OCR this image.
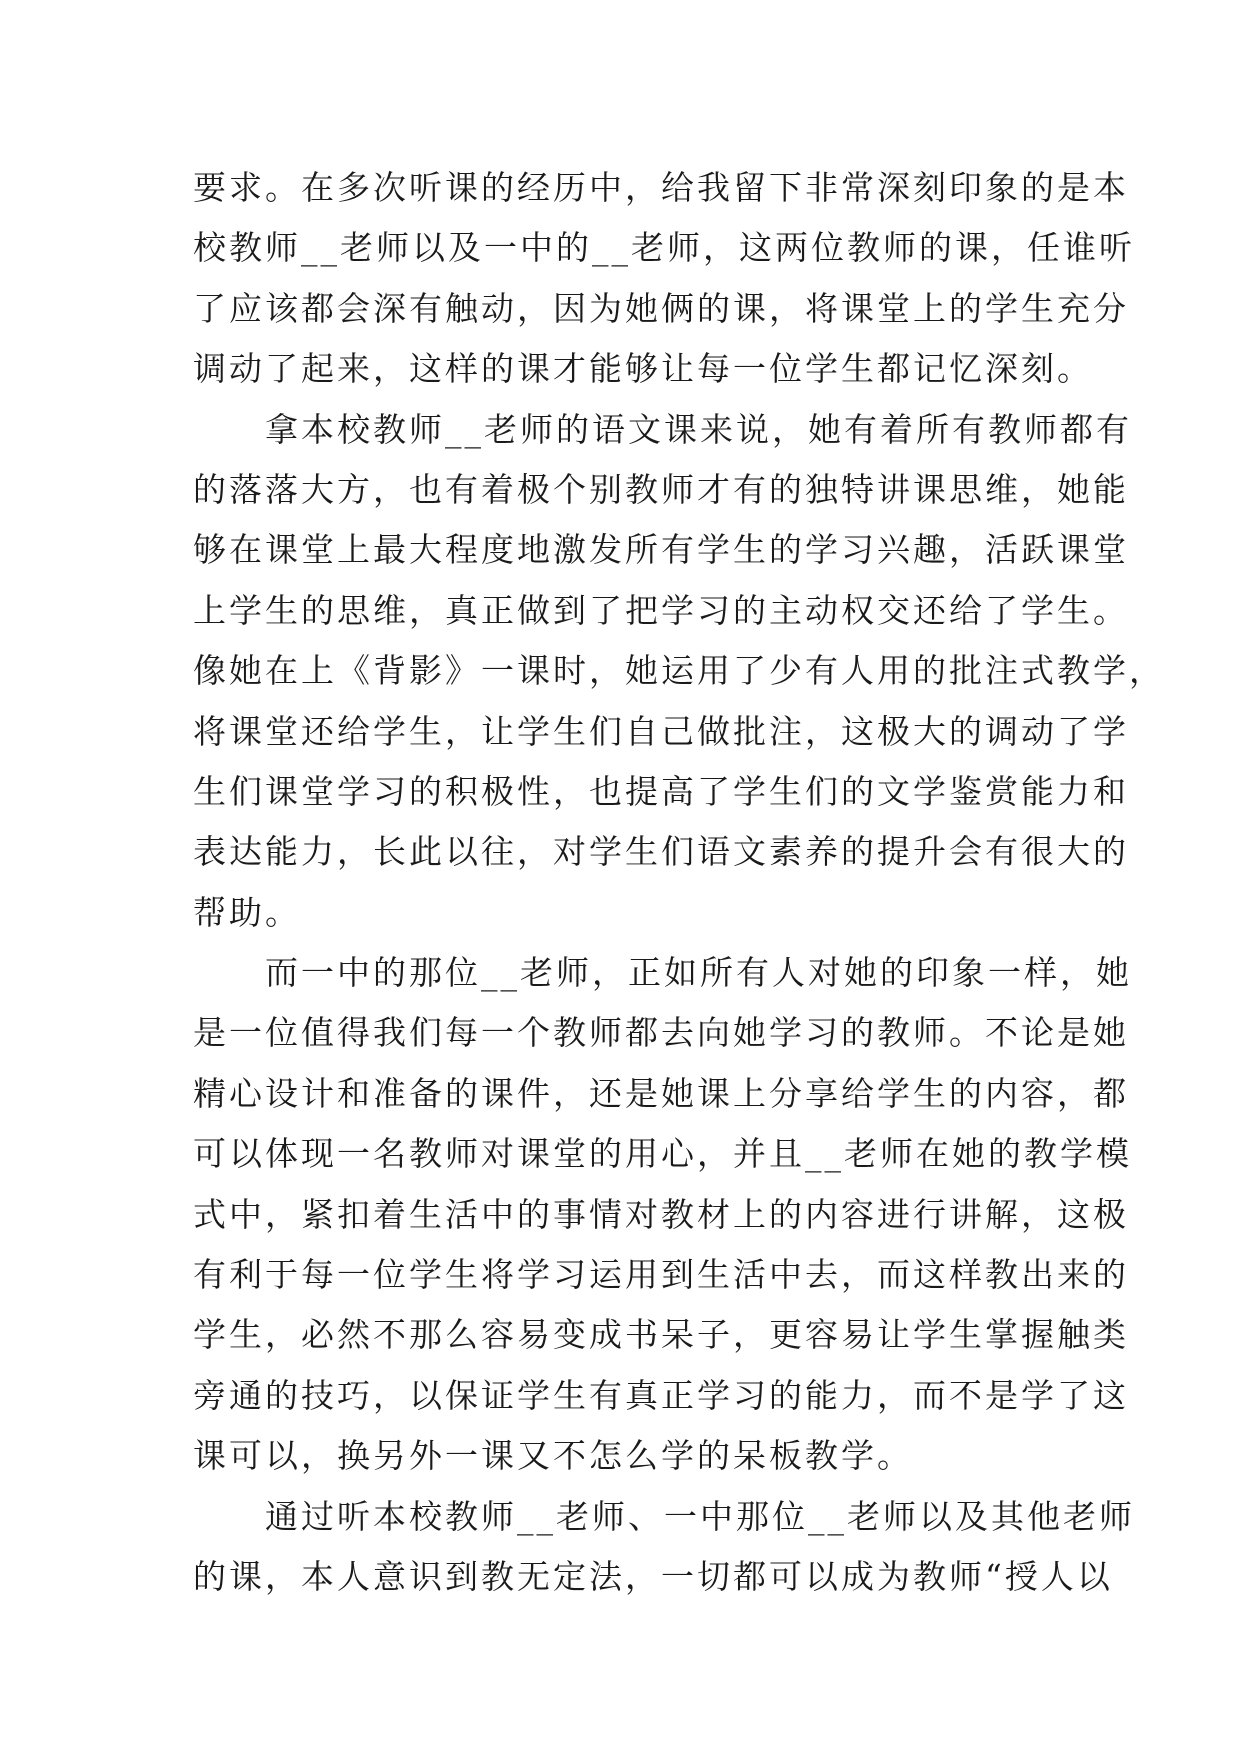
要求。在多次听课的经历中，给我留下非常深刻印象的是本
校教师__老师以及一中的__老师，这两位教师的课，任谁听
了应该都会深有触动，因为她俩的课，将课堂上的学生充分
调动了起来，这样的课才能够让每一位学生都记忆深刻。
拿本校教师__老师的语文课来说，她有着所有教师都有
的落落大方，也有着极个别教师才有的独特讲课思维，她能
够在课堂上最大程度地激发所有学生的学习兴趣，活跃课堂
上学生的思维，真正做到了把学习的主动权交还给了学生。
像她在上《背影》一课时，她运用了少有人用的批注式教学，
将课堂还给学生，让学生们自己做批注，这极大的调动了学
生们课堂学习的积极性，也提高了学生们的文学鉴赏能力和
表达能力，长此以往，对学生们语文素养的提升会有很大的
帮助。
而一中的那位__老师，正如所有人对她的印象一样，她
是一位值得我们每一个教师都去向她学习的教师。不论是她
精心设计和准备的课件，还是她课上分享给学生的内容，都
可以体现一名教师对课堂的用心，并且__老师在她的教学模
式中，紧扣着生活中的事情对教材上的内容进行讲解，这极
有利于每一位学生将学习运用到生活中去，而这样教出来的
学生，必然不那么容易变成书呆子，更容易让学生掌握触类
旁通的技巧，以保证学生有真正学习的能力，而不是学了这
课可以，换另外一课又不怎么学的呆板教学。
通过听本校教师__老师、一中那位__老师以及其他老师
的课，本人意识到教无定法，一切都可以成为教师“授人以
